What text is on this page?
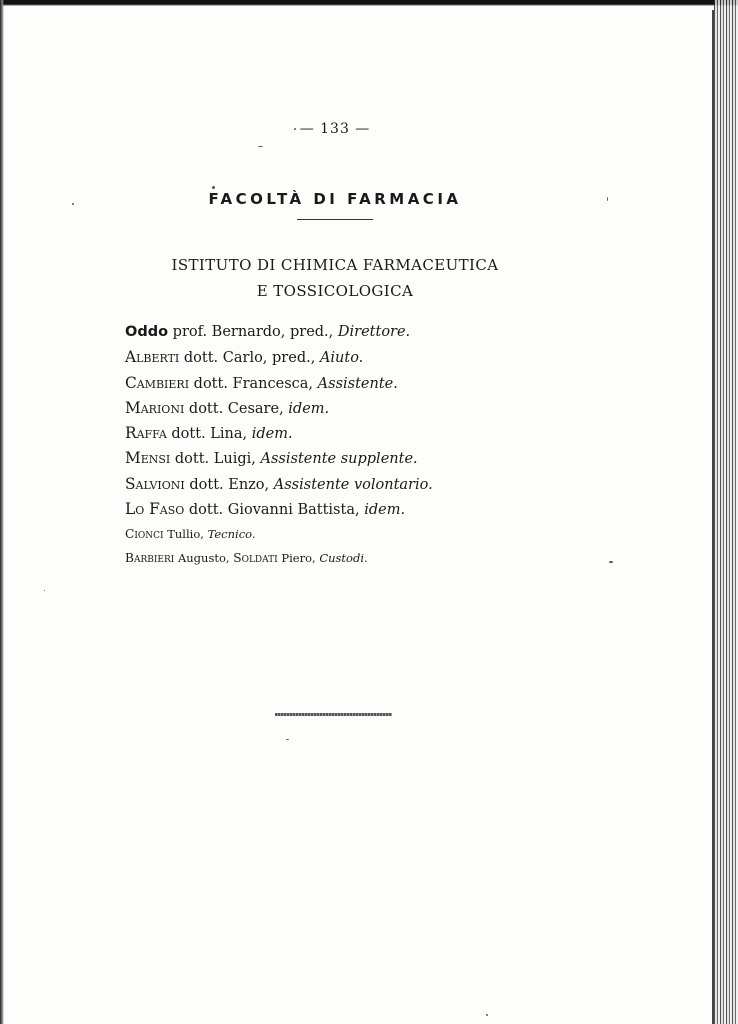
— 133 —
FACOLTÀ DI FARMACIA
ISTITUTO DI CHIMICA FARMACEUTICA
E TOSSICOLOGICA
Oddo prof. Bernardo, pred., Direttore.
Alberti dott. Carlo, pred., Aiuto.
Cambieri dott. Francesca, Assistente.
Marioni dott. Cesare, idem.
Raffa dott. Lina, idem.
Mensi dott. Luigi, Assistente supplente.
Salvioni dott. Enzo, Assistente volontario.
Lo Faso dott. Giovanni Battista, idem.
Cionci Tullio, Tecnico.
Barbieri Augusto, Soldati Piero, Custodi.
